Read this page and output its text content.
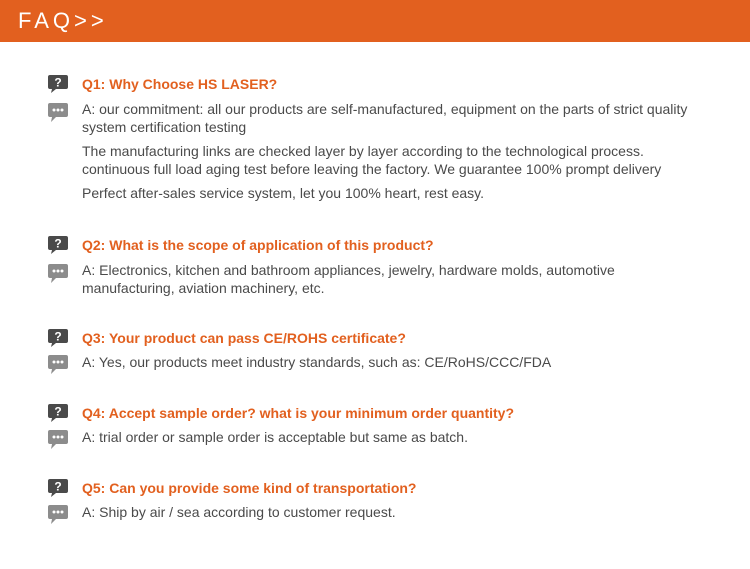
FAQ>>
? Q1: Why Choose HS LASER?

A: our commitment: all our products are self-manufactured, equipment on the parts of strict quality system certification testing

The manufacturing links are checked layer by layer according to the technological process. continuous full load aging test before leaving the factory. We guarantee 100% prompt delivery

Perfect after-sales service system, let you 100% heart, rest easy.

? Q2: What is the scope of application of this product?

A: Electronics, kitchen and bathroom appliances, jewelry, hardware molds, automotive manufacturing, aviation machinery, etc.

? Q3: Your product can pass CE/ROHS certificate?

A: Yes, our products meet industry standards, such as: CE/RoHS/CCC/FDA

? Q4: Accept sample order? what is your minimum order quantity?

A: trial order or sample order is acceptable but same as batch.

? Q5: Can you provide some kind of transportation?

A: Ship by air / sea according to customer request.
